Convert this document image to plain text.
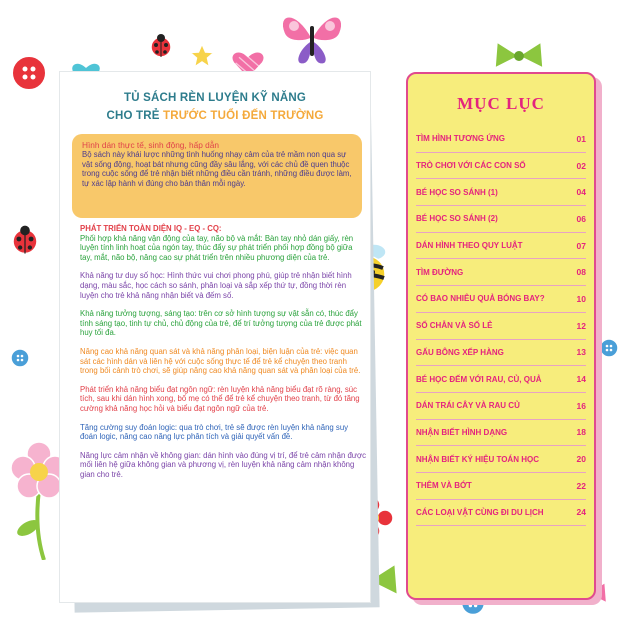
TỦ SÁCH RÈN LUYỆN KỸ NĂNG
CHO TRẺ TRƯỚC TUỔI ĐẾN TRƯỜNG
Hình dán thực tế, sinh động, hấp dẫn
Bộ sách này khái lược những tình huống nhạy cảm của trẻ mầm non qua sự vật sống động, hoạt bát nhưng cũng đầy sâu lắng, với các chủ đề quen thuộc trong cuộc sống để trẻ nhận biết những điều cần tránh, những điều được làm, tự xác lập hành vi đúng cho bản thân mỗi ngày.
PHÁT TRIỂN TOÀN DIỆN IQ - EQ - CQ:
Phối hợp khả năng vận động của tay, não bộ và mắt: Bàn tay nhỏ dán giấy, rèn luyện tính linh hoạt của ngón tay, thúc đẩy sự phát triển phối hợp đồng bộ giữa tay, mắt, não bộ, nâng cao sự phát triển trên nhiều phương diện của trẻ.
Khả năng tư duy số học: Hình thức vui chơi phong phú, giúp trẻ nhận biết hình dạng, màu sắc, học cách so sánh, phân loại và sắp xếp thứ tự, đồng thời rèn luyện cho trẻ khả năng nhận biết và đếm số.
Khả năng tưởng tượng, sáng tạo: trên cơ sở hình tượng sự vật sẵn có, thúc đẩy tính sáng tạo, tinh tự chủ, chủ động của trẻ, để trí tưởng tượng của trẻ được phát huy tối đa.
Nâng cao khả năng quan sát và khả năng phân loại, biện luận của trẻ: việc quan sát các hình dán và liên hệ với cuộc sống thực tế để trẻ kể chuyện theo tranh trong bối cảnh trò chơi, sẽ giúp nâng cao khả năng quan sát và phân loại của trẻ.
Phát triển khả năng biểu đạt ngôn ngữ: rèn luyện khả năng biểu đạt rõ ràng, súc tích, sau khi dán hình xong, bố mẹ có thể để trẻ kể chuyện theo tranh, từ đó tăng cường khả năng học hỏi và biểu đạt ngôn ngữ của trẻ.
Tăng cường suy đoán logic: qua trò chơi, trẻ sẽ được rèn luyện khả năng suy đoán logic, nâng cao năng lực phân tích và giải quyết vấn đề.
Năng lực cảm nhận về không gian: dán hình vào đúng vị trí, để trẻ cảm nhận được mối liên hệ giữa không gian và phương vị, rèn luyện khả năng cảm nhận không gian cho trẻ.
MỤC LỤC
TÌM HÌNH TƯƠNG ỨNG	01
TRÒ CHƠI VỚI CÁC CON SỐ	02
BÉ HỌC SO SÁNH (1)	04
BÉ HỌC SO SÁNH (2)	06
DÁN HÌNH THEO QUY LUẬT	07
TÌM ĐƯỜNG	08
CÓ BAO NHIÊU QUẢ BÓNG BAY?	10
SỐ CHẴN VÀ SỐ LẺ	12
GẤU BÔNG XẾP HÀNG	13
BÉ HỌC ĐẾM VỚI RAU, CỦ, QUẢ	14
DÁN TRÁI CÂY VÀ RAU CỦ	16
NHẬN BIẾT HÌNH DẠNG	18
NHẬN BIẾT KÝ HIỆU TOÁN HỌC	20
THÊM VÀ BỚT	22
CÁC LOẠI VẬT CÙNG ĐI DU LỊCH	24
